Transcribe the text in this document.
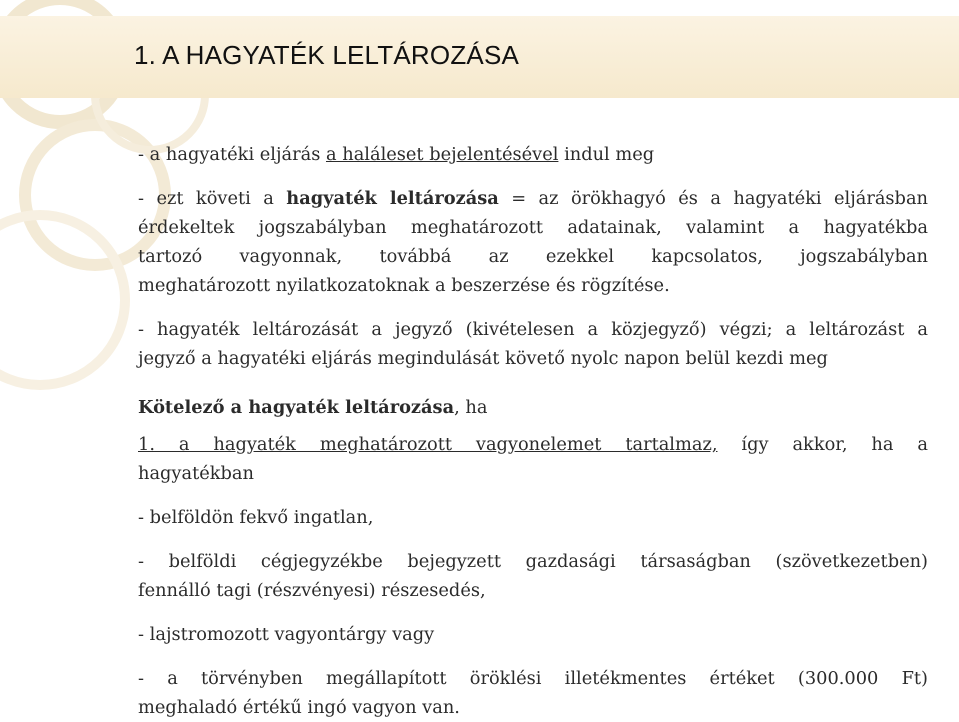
1. A HAGYATÉK LELTÁROZÁSA

- a hagyatéki eljárás a haláleset bejelentésével indul meg

- ezt követi a hagyaték leltározása = az örökhagyó és a hagyatéki eljárásban
érdekeltek jogszabályban meghatározott adatainak, valamint a hagyatékba
tartozó vagyonnak, továbbá az ezekkel kapcsolatos, jogszabályban
meghatározott nyilatkozatoknak a beszerzése és rögzítése.
- hagyaték leltározását a jegyző (kivételesen a közjegyző) végzi; a leltározást a
jegyző a hagyatéki eljárás megindulását követő nyolc napon belül kezdi meg
Kötelező a hagyaték leltározása, ha
1. a hagyaték meghatározott vagyonelemet tartalmaz, így akkor, ha a
hagyatékban
- belföldön fekvő ingatlan,
- belföldi cégjegyzékbe bejegyzett gazdasági társaságban (szövetkezetben)
fennálló tagi (részvényesi) részesedés,
- lajstromozott vagyontárgy vagy
- a törvényben megállapított öröklési illetékmentes értéket (300.000 Ft)
meghaladó értékű ingó vagyon van.
